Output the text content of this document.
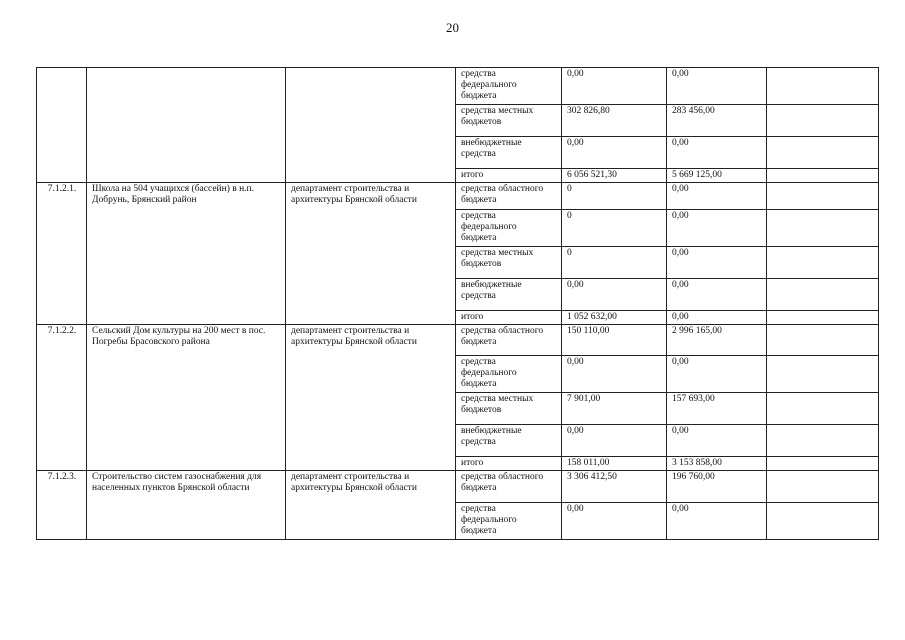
20

			средства
федерального
бюджета	0,00	0,00	

			средства местных
бюджетов	302 826,80	283 456,00	

			внебюджетные
средства	0,00	0,00	
			итого	6 056 521,30	5 669 125,00	
7.1.2.1.	Школа на 504 учащихся (бассейн) в н.п. Добрунь, Брянский район	департамент строительства и архитектуры Брянской области	средства областного
бюджета	0	0,00	

			средства
федерального
бюджета	0	0,00	

			средства местных
бюджетов	0	0,00	

			внебюджетные
средства	0,00	0,00	
			итого	1 052 632,00	0,00	
7.1.2.2.	Сельский Дом культуры на 200 мест в пос. Погребы Брасовского района	департамент строительства и архитектуры Брянской области	средства областного
бюджета	150 110,00	2 996 165,00	

			средства
федерального
бюджета	0,00	0,00	

			средства местных
бюджетов	7 901,00	157 693,00	

			внебюджетные
средства	0,00	0,00	
			итого	158 011,00	3 153 858,00	
7.1.2.3.	Строительство систем газоснабжения для населенных пунктов Брянской области	департамент строительства и архитектуры Брянской области	средства областного
бюджета	3 306 412,50	196 760,00	

			средства
федерального
бюджета	0,00	0,00	
